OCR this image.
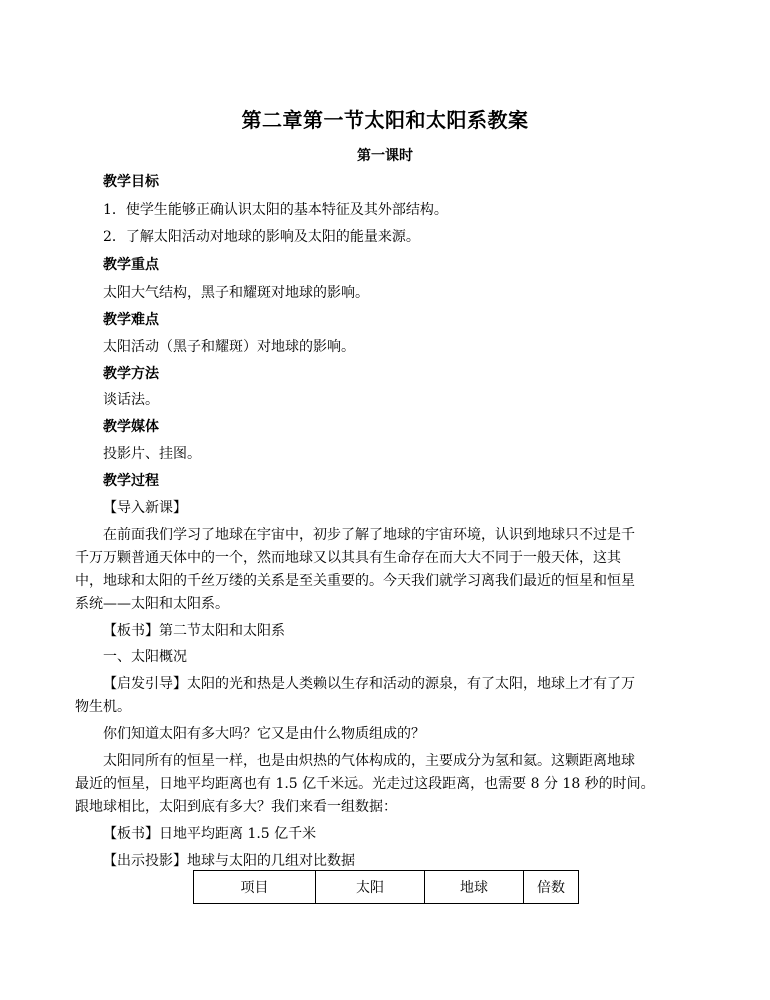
第二章第一节太阳和太阳系教案
第一课时
教学目标
1．使学生能够正确认识太阳的基本特征及其外部结构。
2．了解太阳活动对地球的影响及太阳的能量来源。
教学重点
太阳大气结构，黑子和耀斑对地球的影响。
教学难点
太阳活动（黑子和耀斑）对地球的影响。
教学方法
谈话法。
教学媒体
投影片、挂图。
教学过程
【导入新课】
在前面我们学习了地球在宇宙中，初步了解了地球的宇宙环境，认识到地球只不过是千
千万万颗普通天体中的一个，然而地球又以其具有生命存在而大大不同于一般天体，这其
中，地球和太阳的千丝万缕的关系是至关重要的。今天我们就学习离我们最近的恒星和恒星
系统——太阳和太阳系。
【板书】第二节太阳和太阳系
一、太阳概况
【启发引导】太阳的光和热是人类赖以生存和活动的源泉，有了太阳，地球上才有了万
物生机。
你们知道太阳有多大吗？它又是由什么物质组成的？
太阳同所有的恒星一样，也是由炽热的气体构成的，主要成分为氢和氦。这颗距离地球
最近的恒星，日地平均距离也有 1.5 亿千米远。光走过这段距离，也需要 8 分 18 秒的时间。
跟地球相比，太阳到底有多大？我们来看一组数据：
【板书】日地平均距离 1.5 亿千米
【出示投影】地球与太阳的几组对比数据
项目	太阳	地球	倍数
